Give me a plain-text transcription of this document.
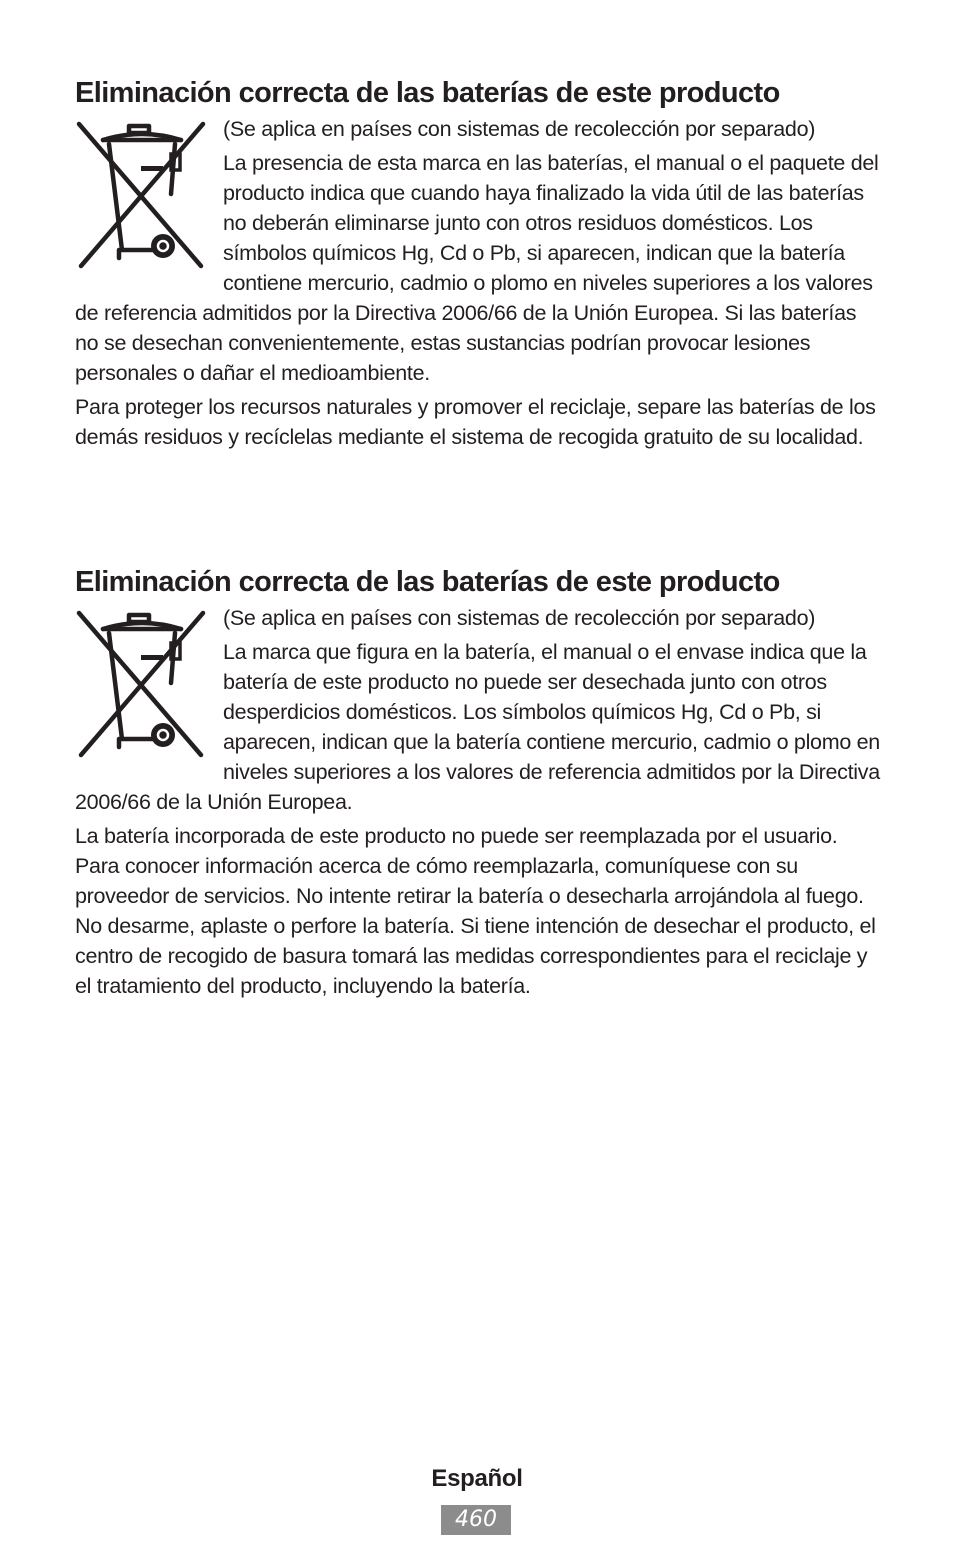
Eliminación correcta de las baterías de este producto

(Se aplica en países con sistemas de recolección por separado)

La presencia de esta marca en las baterías, el manual o el paquete del producto indica que cuando haya finalizado la vida útil de las baterías no deberán eliminarse junto con otros residuos domésticos. Los símbolos químicos Hg, Cd o Pb, si aparecen, indican que la batería contiene mercurio, cadmio o plomo en niveles superiores a los valores de referencia admitidos por la Directiva 2006/66 de la Unión Europea. Si las baterías no se desechan convenientemente, estas sustancias podrían provocar lesiones personales o dañar el medioambiente.

Para proteger los recursos naturales y promover el reciclaje, separe las baterías de los demás residuos y recíclelas mediante el sistema de recogida gratuito de su localidad.

Eliminación correcta de las baterías de este producto

(Se aplica en países con sistemas de recolección por separado)

La marca que figura en la batería, el manual o el envase indica que la batería de este producto no puede ser desechada junto con otros desperdicios domésticos. Los símbolos químicos Hg, Cd o Pb, si aparecen, indican que la batería contiene mercurio, cadmio o plomo en niveles superiores a los valores de referencia admitidos por la Directiva 2006/66 de la Unión Europea.

La batería incorporada de este producto no puede ser reemplazada por el usuario. Para conocer información acerca de cómo reemplazarla, comuníquese con su proveedor de servicios. No intente retirar la batería o desecharla arrojándola al fuego. No desarme, aplaste o perfore la batería. Si tiene intención de desechar el producto, el centro de recogido de basura tomará las medidas correspondientes para el reciclaje y el tratamiento del producto, incluyendo la batería.

Español
460
